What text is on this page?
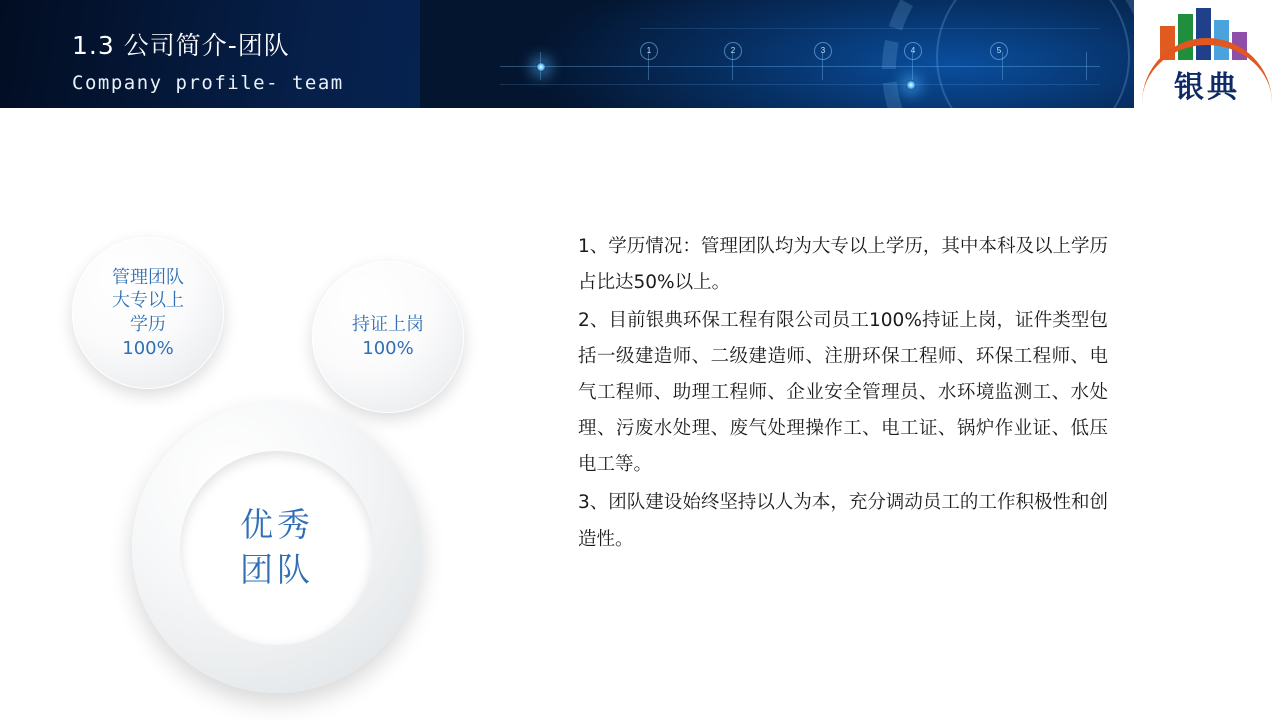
1	2	3	4	5
1.3 公司简介-团队
Company profile- team	银典
管理团队
大专以上
学历
100%
持证上岗
100%
优秀
团队

1、学历情况：管理团队均为大专以上学历，其中本科及以上学历占比达50%以上。

2、目前银典环保工程有限公司员工100%持证上岗，证件类型包括一级建造师、二级建造师、注册环保工程师、环保工程师、电气工程师、助理工程师、企业安全管理员、水环境监测工、水处理、污废水处理、废气处理操作工、电工证、锅炉作业证、低压电工等。

3、团队建设始终坚持以人为本，充分调动员工的工作积极性和创造性。
